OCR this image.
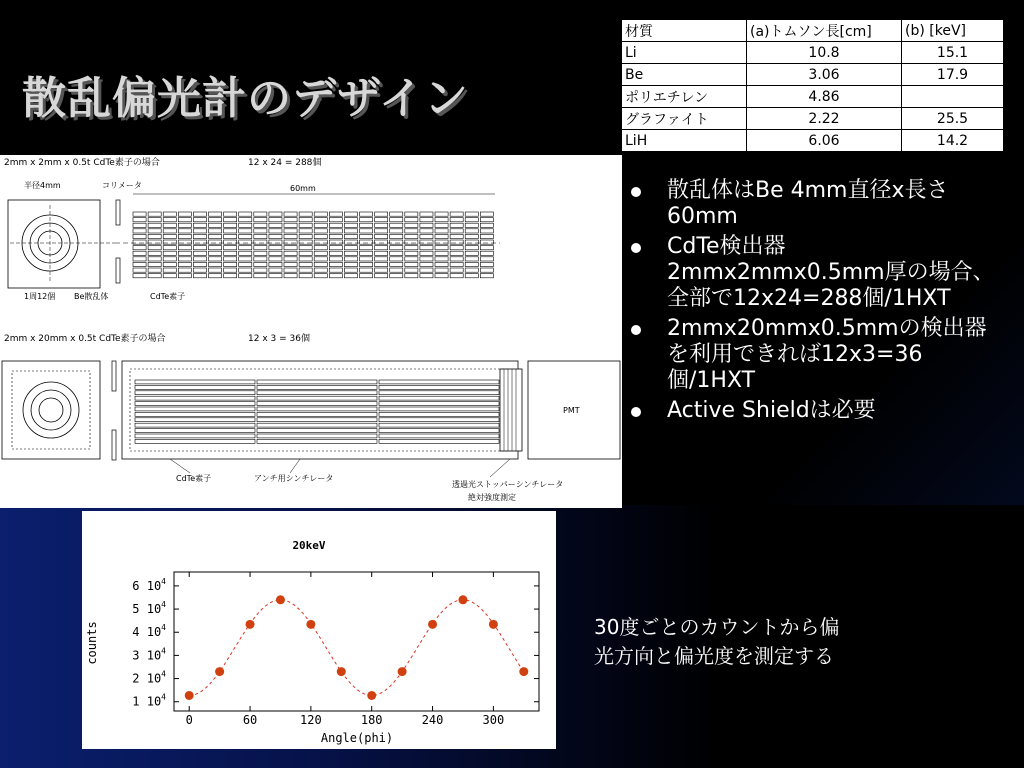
散乱偏光計のデザイン
材質	(a)トムソン長[cm]	(b) [keV]
Li	10.8	15.1
Be	3.06	17.9
ポリエチレン	4.86	
グラファイト	2.22	25.5
LiH	6.06	14.2
2mm x 2mm x 0.5t CdTe素子の場合	12 x 24 = 288個
半径4mm	コリメータ	60mm
1周12個 Be散乱体	CdTe素子
2mm x 20mm x 0.5t CdTe素子の場合	12 x 3 = 36個
PMT
CdTe素子	アンチ用シンチレータ
透過光ストッパーシンチレータ
絶対強度測定
散乱体はBe 4mm直径x長さ60mm
CdTe検出器2mmx2mmx0.5mm厚の場合、全部で12x24=288個/1HXT
2mmx20mmx0.5mmの検出器を利用できれば12x3=36個/1HXT
Active Shieldは必要
20keV
0	60	120	180	240	300
1 $10^4$
2 $10^4$
3 $10^4$
4 $10^4$
5 $10^4$
6 $10^4$
counts
Angle(phi)
30度ごとのカウントから偏
光方向と偏光度を測定する
